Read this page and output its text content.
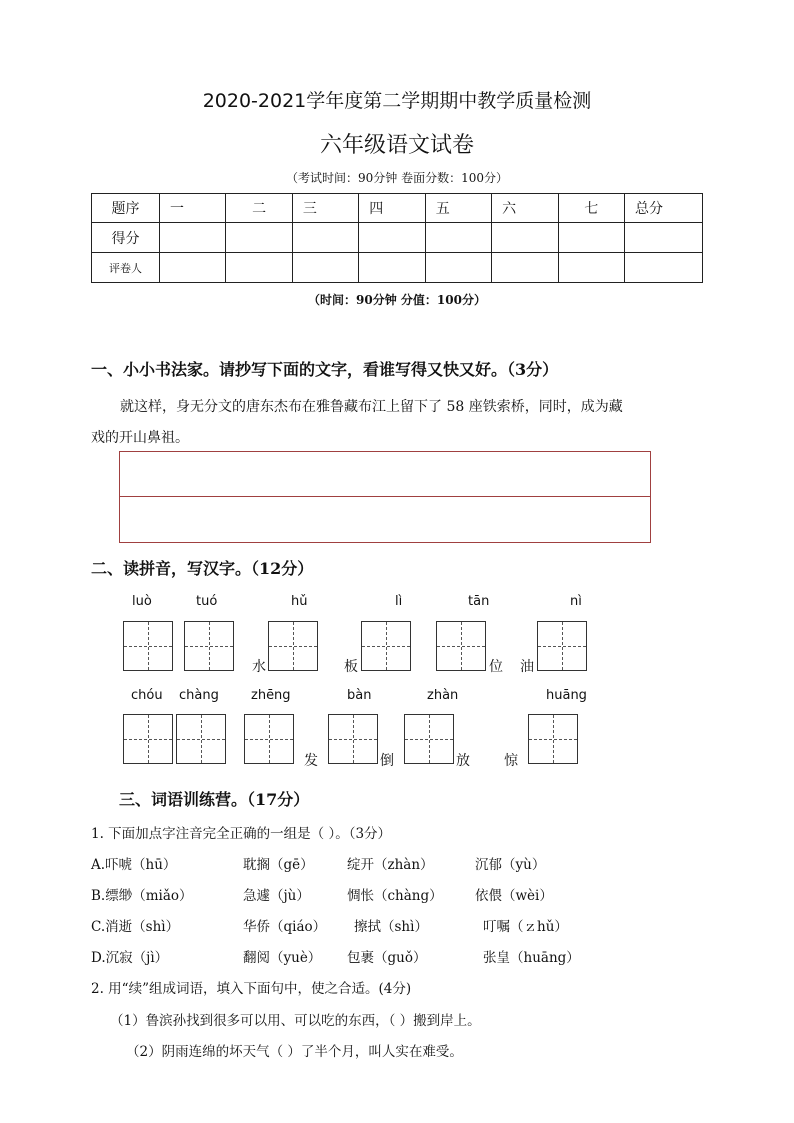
2020-2021学年度第二学期期中教学质量检测
六年级语文试卷
（考试时间：90分钟 卷面分数：100分）
题序	一	二	三	四	五	六	七	总分
得分								
评卷人								
（时间：90分钟 分值：100分）
一、小小书法家。请抄写下面的文字，看谁写得又快又好。（3分）
就这样，身无分文的唐东杰布在雅鲁藏布江上留下了 58 座铁索桥，同时，成为藏
戏的开山鼻祖。
二、读拼音，写汉字。（12分）
luò	tuó	hǔ	lì	tān	nì
水	板	位 油
chóu chàng zhēng	bàn	zhàn	huāng
发	倒	放 惊
三、词语训练营。（17分）
1. 下面加点字注音完全正确的一组是（ ）。（3分）
A.吓唬（hū）	耽搁（gē） 绽开（zhàn）	沉郁（yù）
B.缥缈（miǎo）	急遽（jù）	惆怅（chàng） 依偎（wèi）
C.消逝（shì）	华侨（qiáo） 擦拭（shì）	叮嘱（ｚhǔ）
D.沉寂（jì）	翻阅（yuè） 包裹（guǒ）	张皇（huāng）
2. 用“续”组成词语，填入下面句中，使之合适。(4分)
（1）鲁滨孙找到很多可以用、可以吃的东西，（ ）搬到岸上。
（2）阴雨连绵的坏天气（ ）了半个月，叫人实在难受。
